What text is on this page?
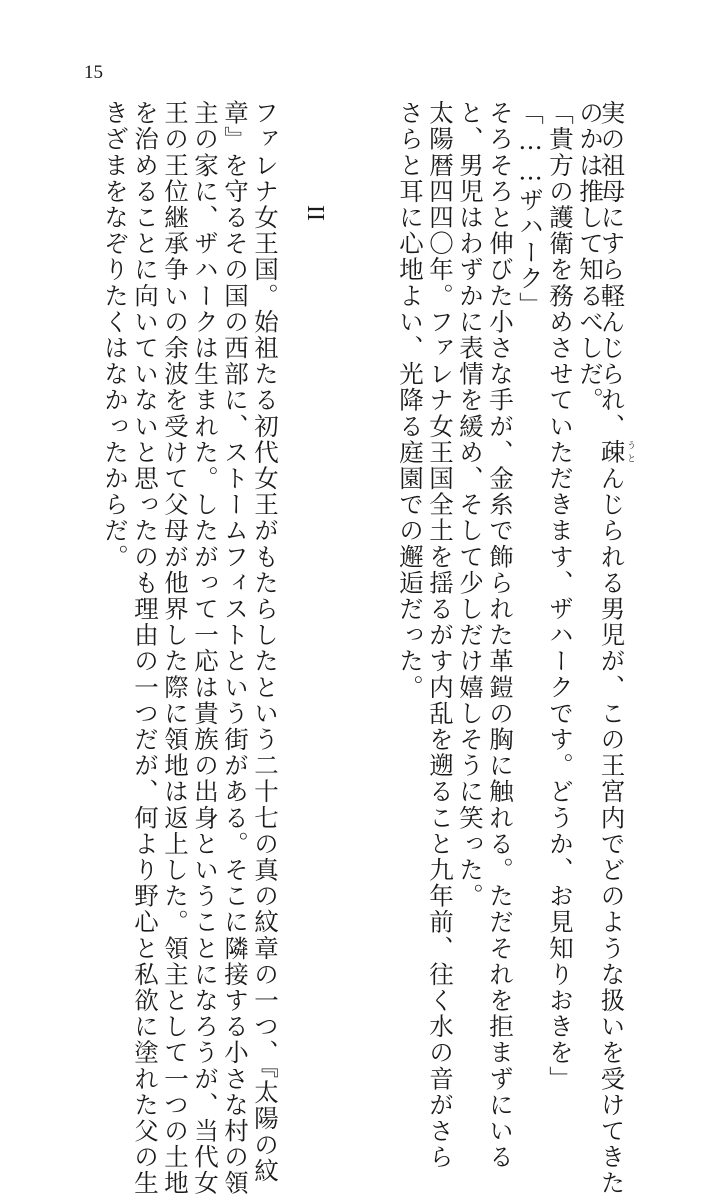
15
実の祖母にすら軽んじられ、疎うとんじられる男児が、この王宮内でどのような扱いを受けてきた
のかは推して知るべしだ。
「貴方の護衛を務めさせていただきます、ザハークです。どうか、お見知りおきを」
「……ザハーク」
そろそろと伸びた小さな手が、金糸で飾られた革鎧の胸に触れる。ただそれを拒まずにいる
と、男児はわずかに表情を緩め、そして少しだけ嬉しそうに笑った。
太陽暦四四〇年。ファレナ女王国全土を揺るがす内乱を遡ること九年前、往く水の音がさら
さらと耳に心地よい、光降る庭園での邂逅だった。
II
ファレナ女王国。始祖たる初代女王がもたらしたという二十七の真の紋章の一つ、『太陽の紋
章』を守るその国の西部に、ストームフィストという街がある。そこに隣接する小さな村の領
主の家に、ザハークは生まれた。したがって一応は貴族の出身ということになろうが、当代女
王の王位継承争いの余波を受けて父母が他界した際に領地は返上した。領主として一つの土地
を治めることに向いていないと思ったのも理由の一つだが、何より野心と私欲に塗れた父の生
きざまをなぞりたくはなかったからだ。
